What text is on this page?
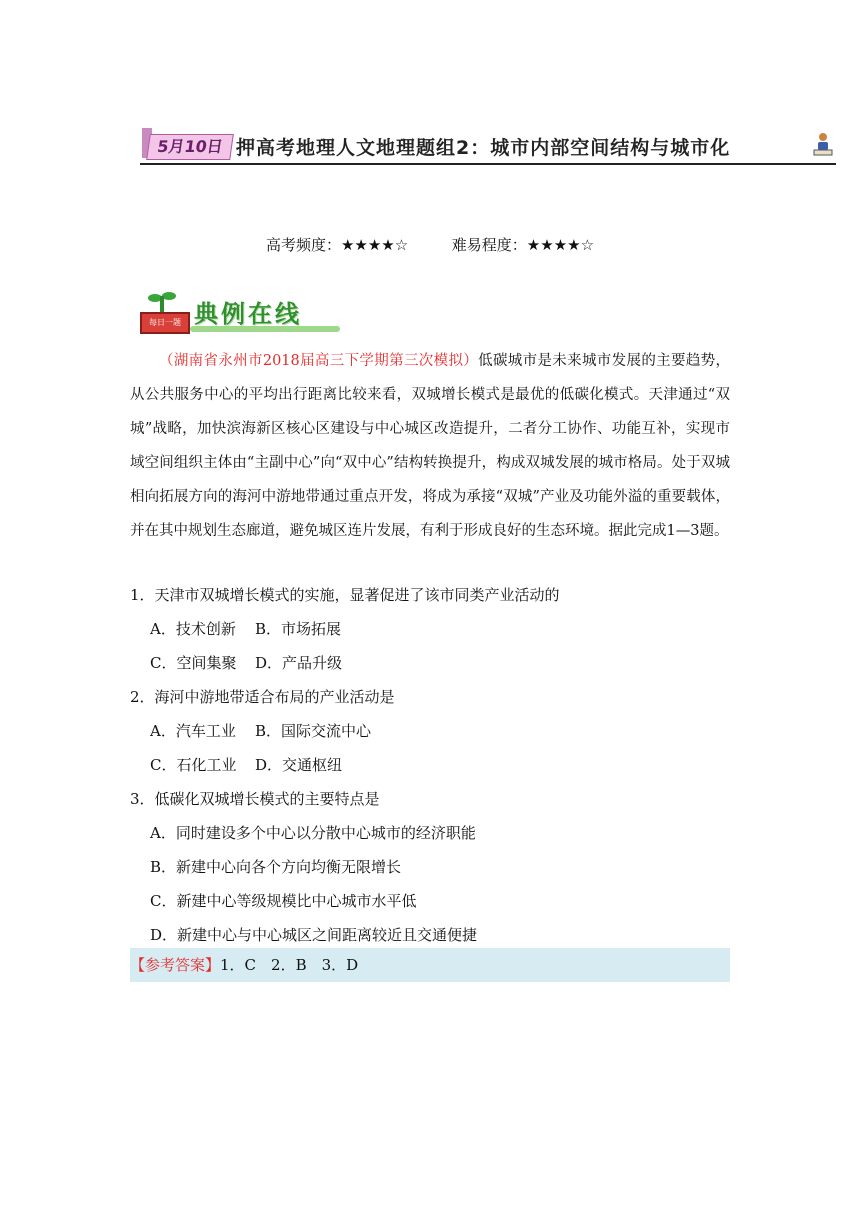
5月10日 押高考地理人文地理题组2：城市内部空间结构与城市化
高考频度：★★★★☆	难易程度：★★★★☆
每日一题 典例在线
（湖南省永州市2018届高三下学期第三次模拟）低碳城市是未来城市发展的主要趋势，从公共服务中心的平均出行距离比较来看，双城增长模式是最优的低碳化模式。天津通过“双城”战略，加快滨海新区核心区建设与中心城区改造提升，二者分工协作、功能互补，实现市域空间组织主体由“主副中心”向“双中心”结构转换提升，构成双城发展的城市格局。处于双城相向拓展方向的海河中游地带通过重点开发，将成为承接“双城”产业及功能外溢的重要载体，并在其中规划生态廊道，避免城区连片发展，有利于形成良好的生态环境。据此完成1—3题。

1．天津市双城增长模式的实施，显著促进了该市同类产业活动的

A．技术创新	B．市场拓展
C．空间集聚	D．产品升级

2．海河中游地带适合布局的产业活动是

A．汽车工业	B．国际交流中心
C．石化工业	D．交通枢纽

3．低碳化双城增长模式的主要特点是

A．同时建设多个中心以分散中心城市的经济职能

B．新建中心向各个方向均衡无限增长

C．新建中心等级规模比中心城市水平低

D．新建中心与中心城区之间距离较近且交通便捷

【参考答案】1．C　2．B　3．D
